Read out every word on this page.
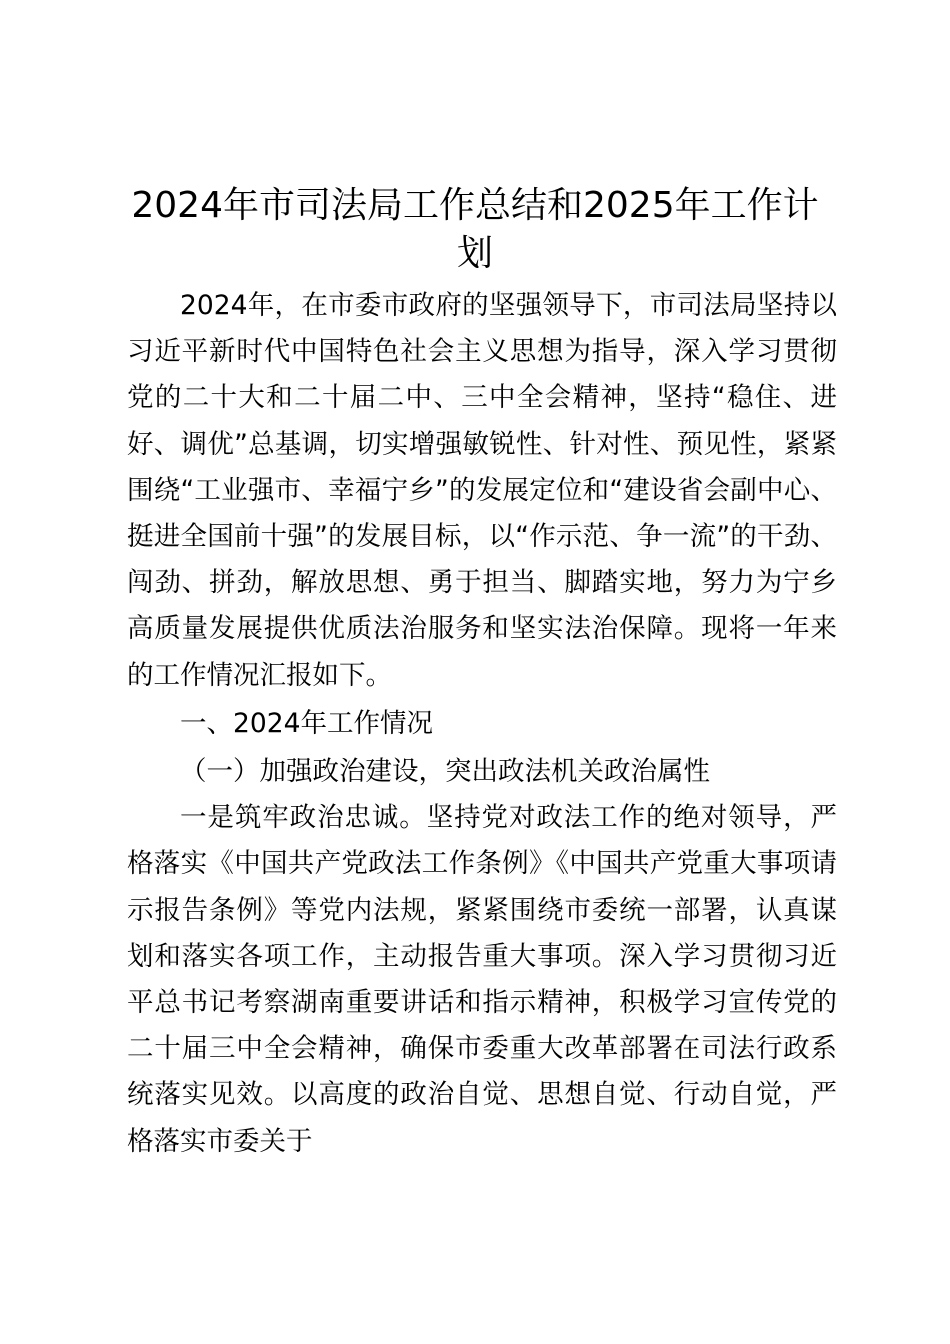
2024年市司法局工作总结和2025年工作计划

2024年，在市委市政府的坚强领导下，市司法局坚持以习近平新时代中国特色社会主义思想为指导，深入学习贯彻党的二十大和二十届二中、三中全会精神，坚持“稳住、进好、调优”总基调，切实增强敏锐性、针对性、预见性，紧紧围绕“工业强市、幸福宁乡”的发展定位和“建设省会副中心、挺进全国前十强”的发展目标，以“作示范、争一流”的干劲、闯劲、拼劲，解放思想、勇于担当、脚踏实地，努力为宁乡高质量发展提供优质法治服务和坚实法治保障。现将一年来的工作情况汇报如下。

一、2024年工作情况

（一）加强政治建设，突出政法机关政治属性

一是筑牢政治忠诚。坚持党对政法工作的绝对领导，严格落实《中国共产党政法工作条例》《中国共产党重大事项请示报告条例》等党内法规，紧紧围绕市委统一部署，认真谋划和落实各项工作，主动报告重大事项。深入学习贯彻习近平总书记考察湖南重要讲话和指示精神，积极学习宣传党的二十届三中全会精神，确保市委重大改革部署在司法行政系统落实见效。以高度的政治自觉、思想自觉、行动自觉，严格落实市委关于
